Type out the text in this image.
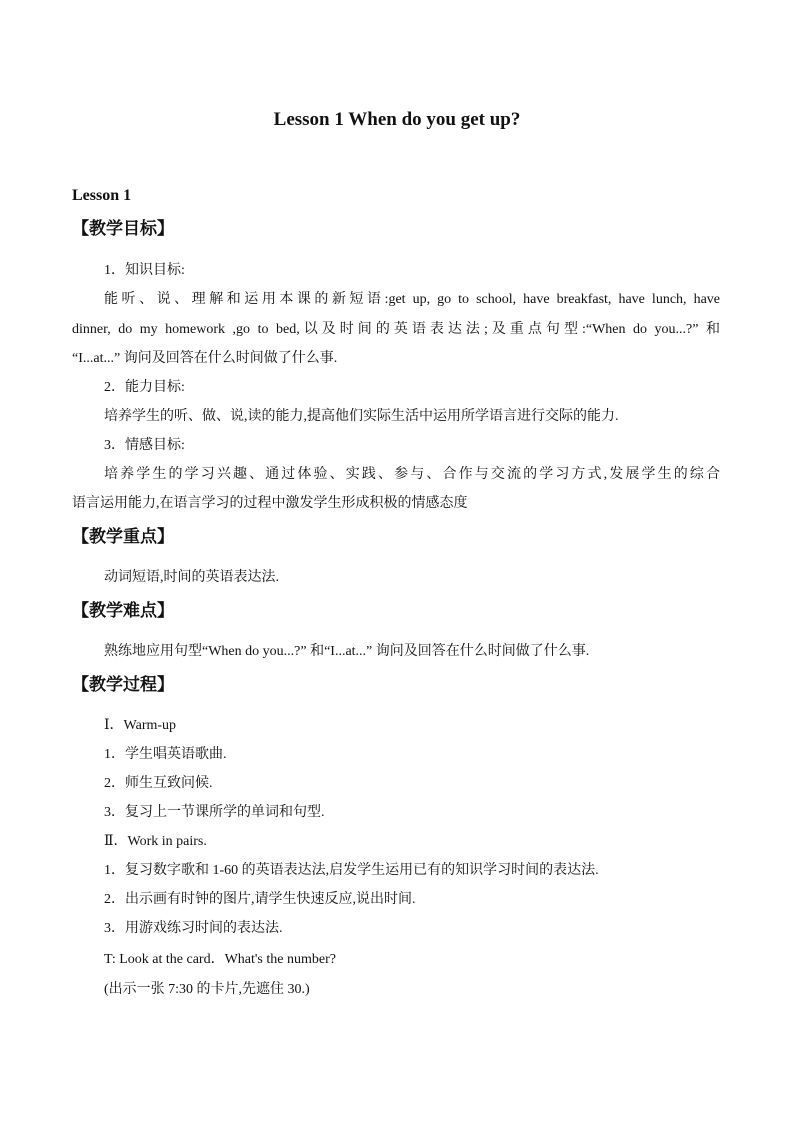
Lesson 1 When do you get up?
Lesson 1
【教学目标】
1．知识目标:
能听、说、理解和运用本课的新短语:get up, go to school, have breakfast, have lunch, have
dinner, do my homework ,go to bed,以及时间的英语表达法;及重点句型:“When do you...?” 和
“I...at...” 询问及回答在什么时间做了什么事.
2．能力目标:
培养学生的听、做、说,读的能力,提高他们实际生活中运用所学语言进行交际的能力.
3．情感目标:
培养学生的学习兴趣、通过体验、实践、参与、合作与交流的学习方式,发展学生的综合
语言运用能力,在语言学习的过程中激发学生形成积极的情感态度
【教学重点】
动词短语,时间的英语表达法.
【教学难点】
熟练地应用句型“When do you...?” 和“I...at...” 询问及回答在什么时间做了什么事.
【教学过程】
Ⅰ．Warm-up
1．学生唱英语歌曲.
2．师生互致问候.
3．复习上一节课所学的单词和句型.
Ⅱ．Work in pairs.
1．复习数字歌和 1-60 的英语表达法,启发学生运用已有的知识学习时间的表达法.
2．出示画有时钟的图片,请学生快速反应,说出时间.
3．用游戏练习时间的表达法.
T: Look at the card．What's the number?
(出示一张 7:30 的卡片,先遮住 30.)
